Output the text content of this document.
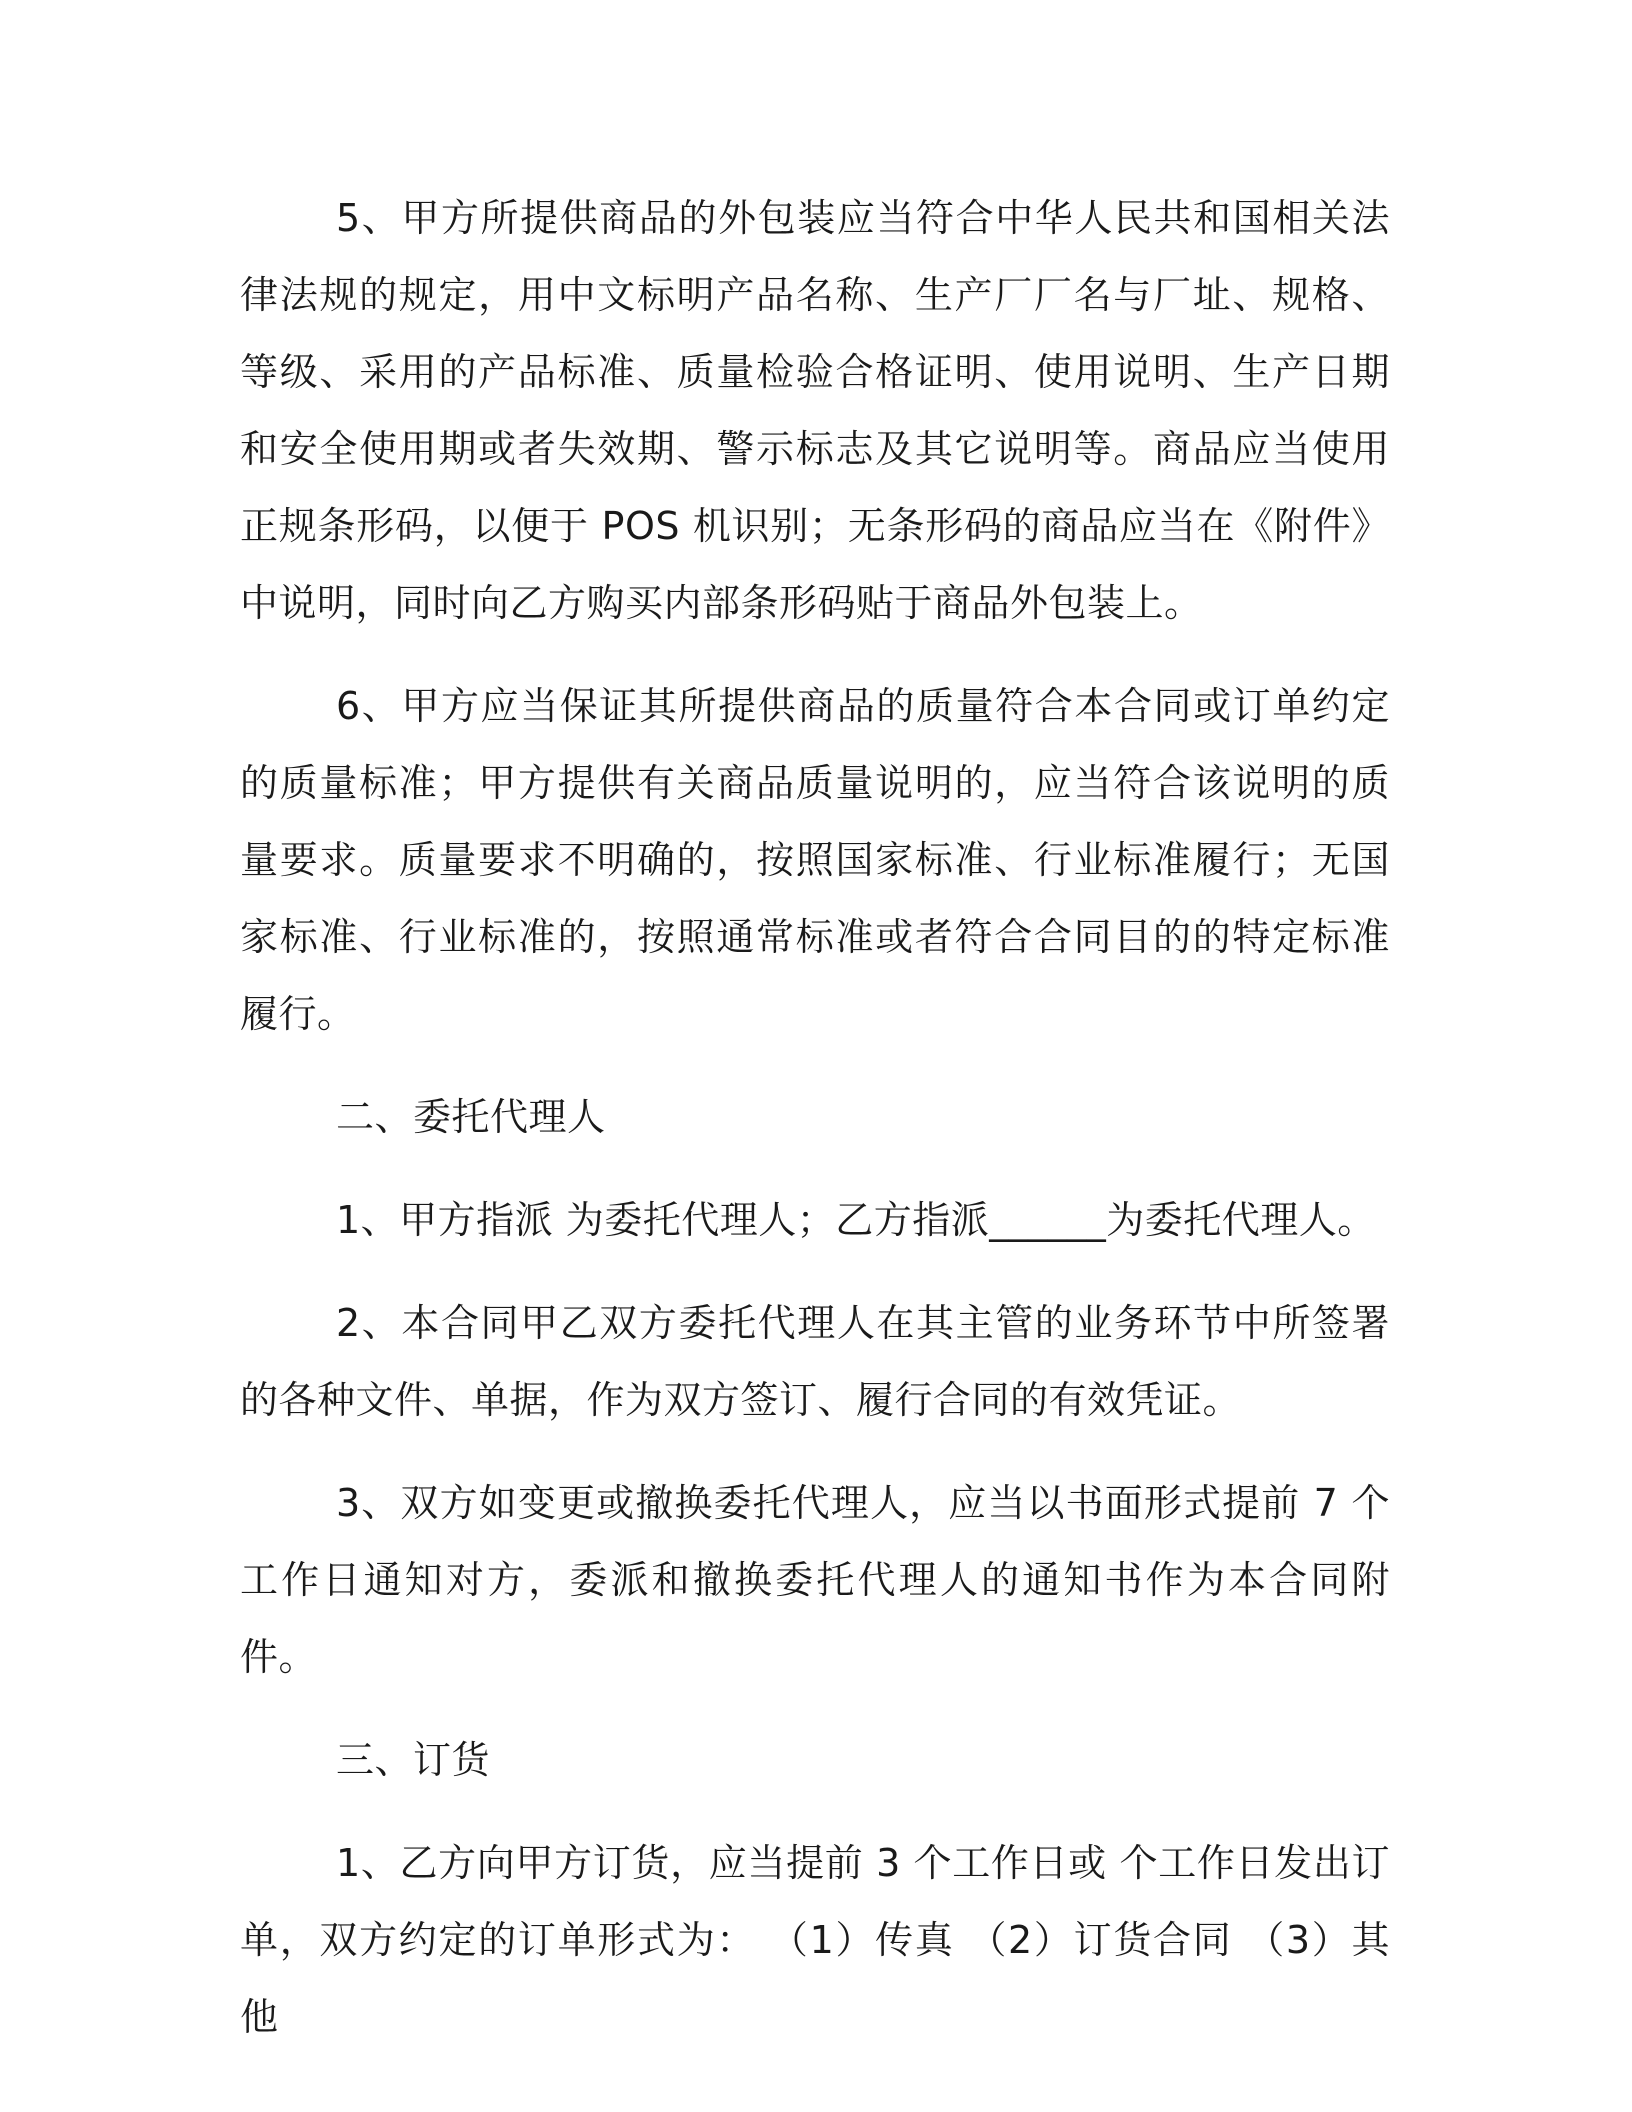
5、甲方所提供商品的外包装应当符合中华人民共和国相关法律法规的规定，用中文标明产品名称、生产厂厂名与厂址、规格、等级、采用的产品标准、质量检验合格证明、使用说明、生产日期和安全使用期或者失效期、警示标志及其它说明等。商品应当使用正规条形码，以便于 POS 机识别；无条形码的商品应当在《附件》中说明，同时向乙方购买内部条形码贴于商品外包装上。

6、甲方应当保证其所提供商品的质量符合本合同或订单约定的质量标准；甲方提供有关商品质量说明的，应当符合该说明的质量要求。质量要求不明确的，按照国家标准、行业标准履行；无国家标准、行业标准的，按照通常标准或者符合合同目的的特定标准履行。

二、委托代理人

1、甲方指派 为委托代理人；乙方指派______为委托代理人。

2、本合同甲乙双方委托代理人在其主管的业务环节中所签署的各种文件、单据，作为双方签订、履行合同的有效凭证。

3、双方如变更或撤换委托代理人，应当以书面形式提前 7 个工作日通知对方，委派和撤换委托代理人的通知书作为本合同附件。

三、订货

1、乙方向甲方订货，应当提前 3 个工作日或 个工作日发出订单，双方约定的订单形式为： （1）传真 （2）订货合同 （3）其他
